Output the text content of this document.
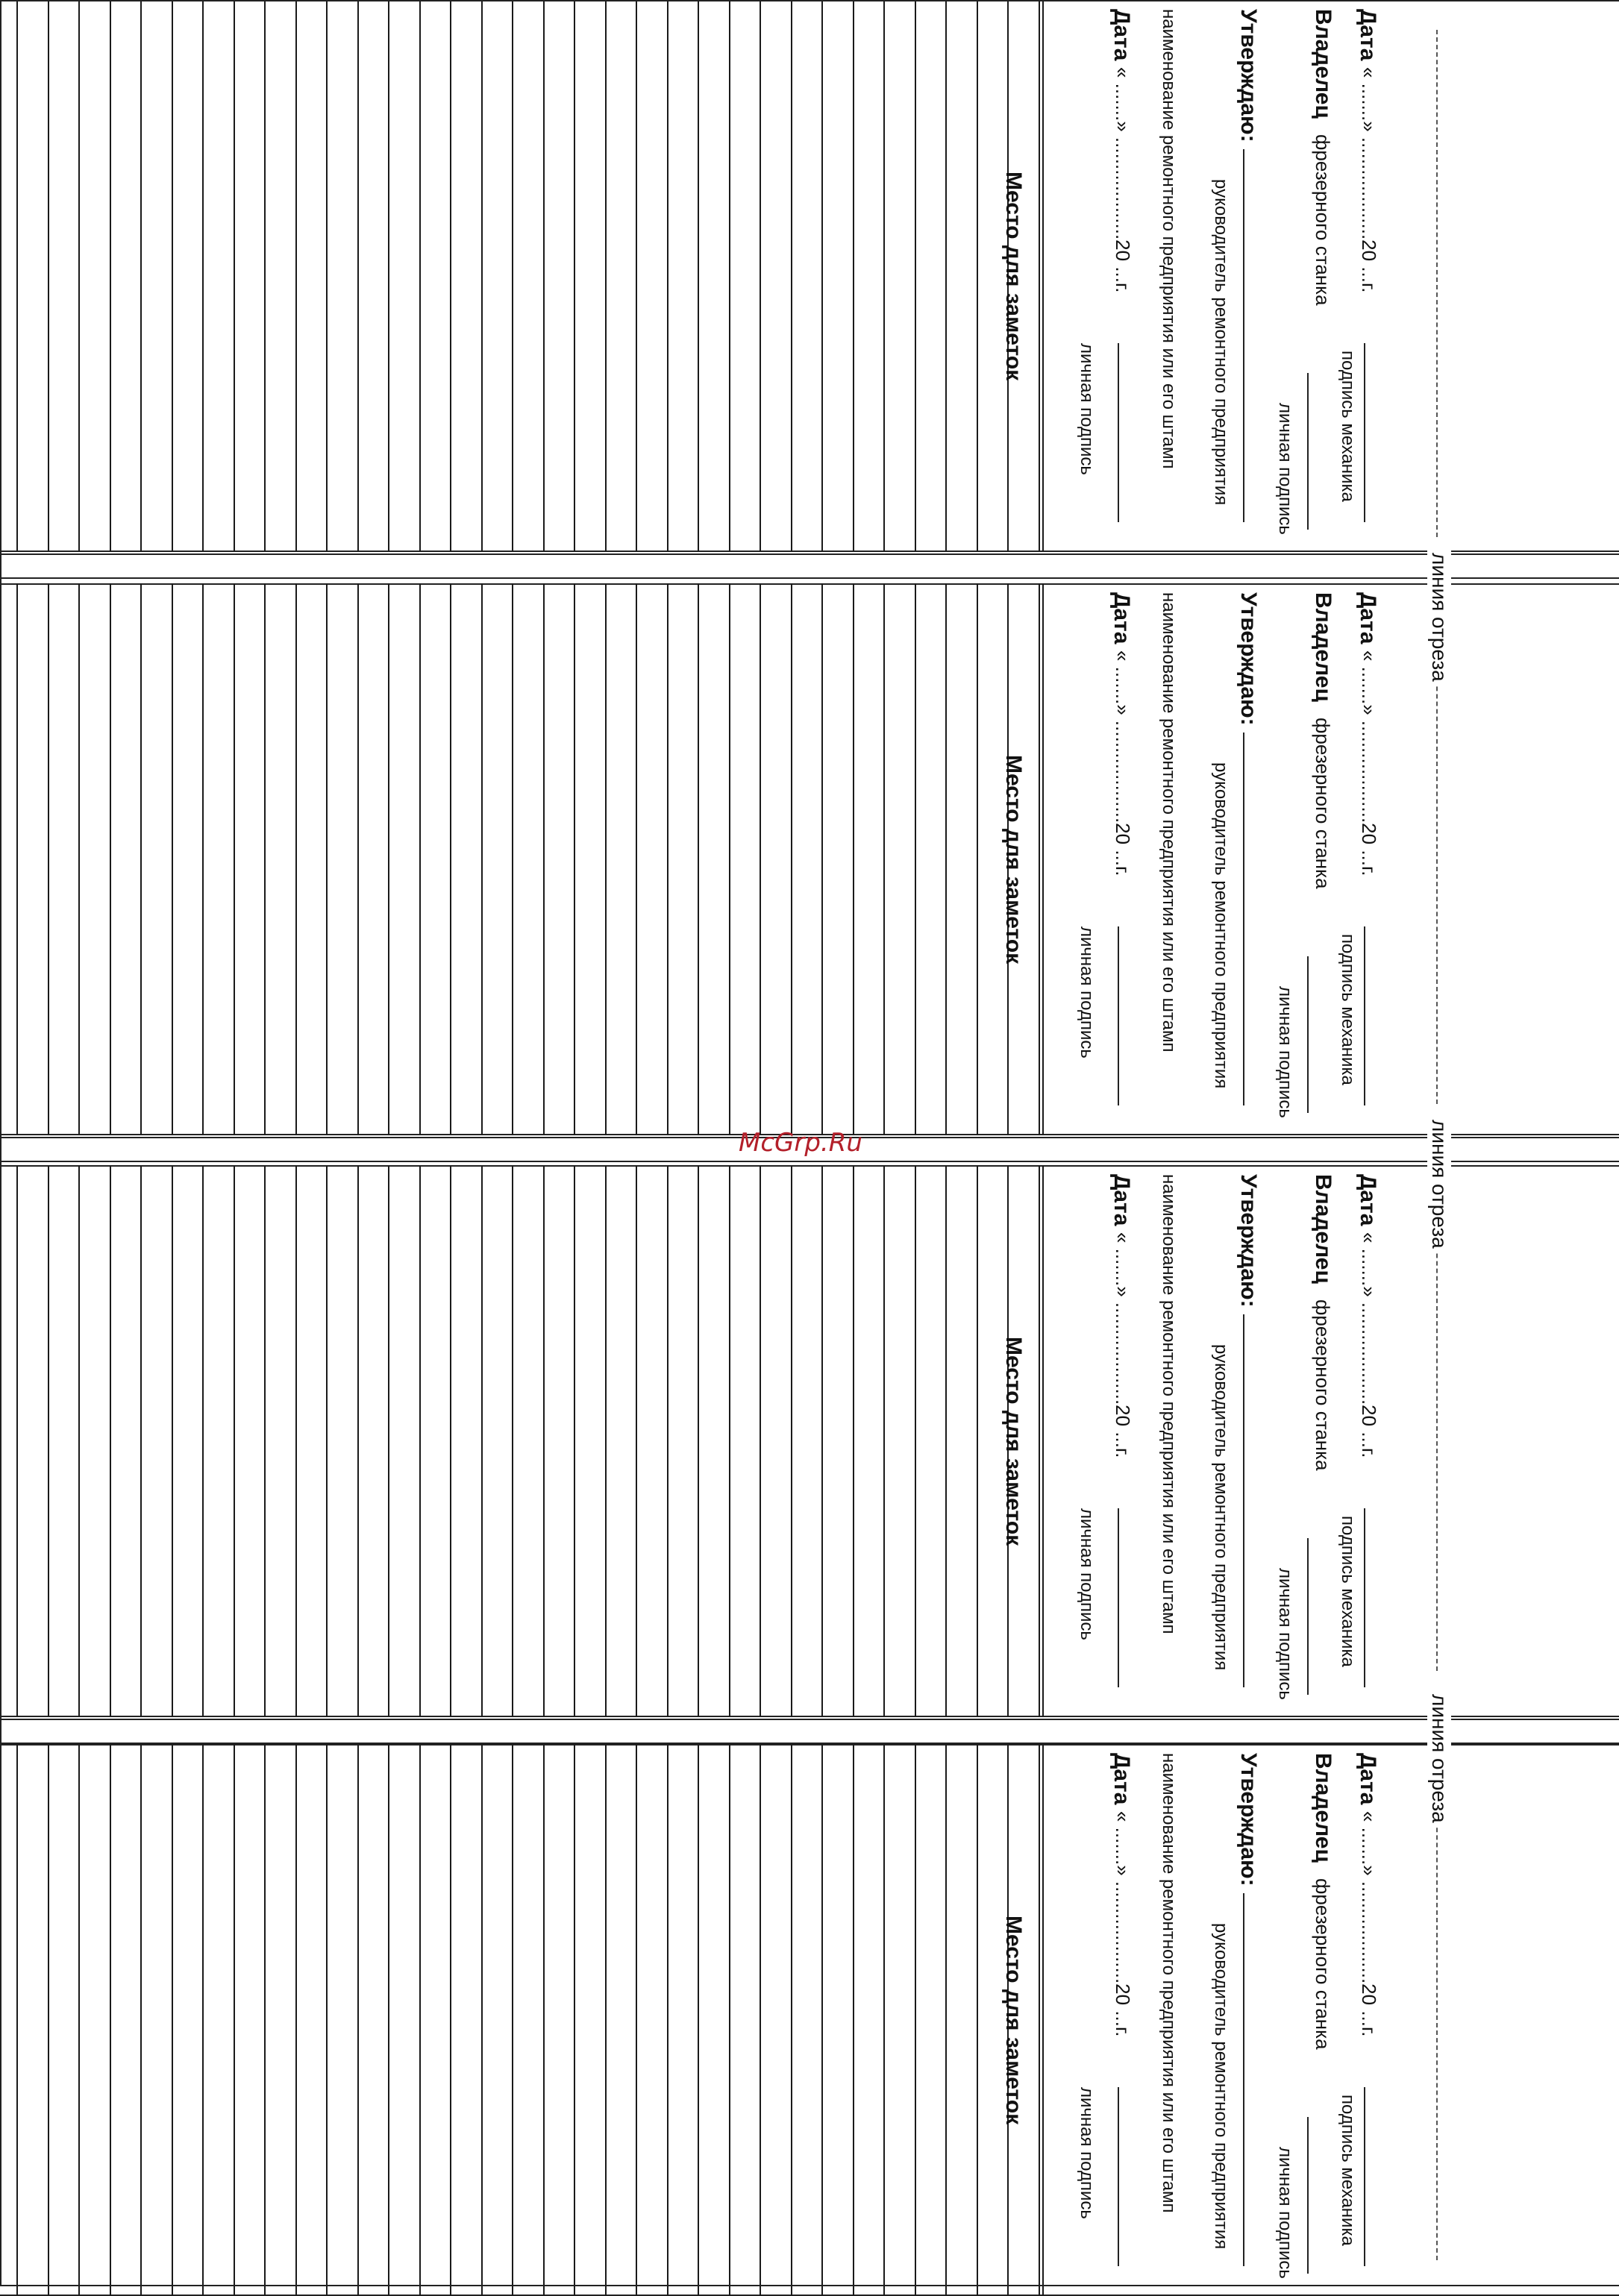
Дата
« .......» ...................20 ...г.
подпись механика
Владелец
фрезерного станка
личная подпись
Утверждаю:
руководитель ремонтного предприятия
наименование ремонтного предприятия или его штамп
Дата
« .......» ...................20 ...г.
личная подпись
Место для заметок
Дата
« .......» ...................20 ...г.
подпись механика
Владелец
фрезерного станка
личная подпись
Утверждаю:
руководитель ремонтного предприятия
наименование ремонтного предприятия или его штамп
Дата
« .......» ...................20 ...г.
личная подпись
Место для заметок
Дата
« .......» ...................20 ...г.
подпись механика
Владелец
фрезерного станка
личная подпись
Утверждаю:
руководитель ремонтного предприятия
наименование ремонтного предприятия или его штамп
Дата
« .......» ...................20 ...г.
личная подпись
Место для заметок
Дата
« .......» ...................20 ...г.
подпись механика
Владелец
фрезерного станка
личная подпись
Утверждаю:
руководитель ремонтного предприятия
наименование ремонтного предприятия или его штамп
Дата
« .......» ...................20 ...г.
личная подпись
Место для заметок
линия отреза
линия отреза
линия отреза
McGrp.Ru
